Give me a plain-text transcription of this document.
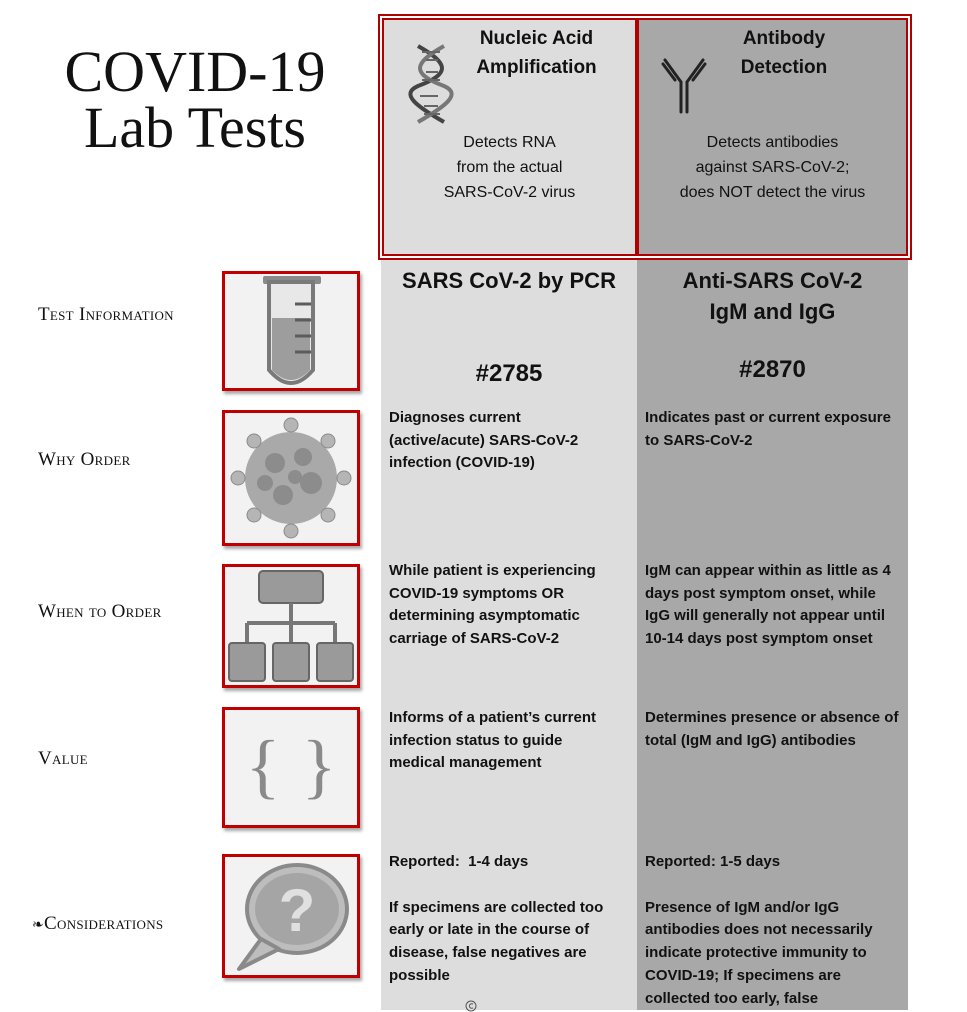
COVID-19
Lab Tests
Nucleic Acid
Amplification
Detects RNA
from the actual
SARS-CoV-2 virus
Antibody
Detection
Detects antibodies
against SARS-CoV-2;
does NOT detect the virus
Test Information
Why Order
When to Order
Value
❧Considerations
{ }
?
SARS CoV-2 by PCR
#2785
Anti-SARS CoV-2
IgM and IgG
#2870
Diagnoses current (active/acute) SARS-CoV-2 infection (COVID-19)
Indicates past or current exposure to SARS-CoV-2
While patient is experiencing COVID-19 symptoms OR determining asymptomatic carriage of SARS-CoV-2
IgM can appear within as little as 4 days post symptom onset, while IgG will generally not appear until 10-14 days post symptom onset
Informs of a patient’s current infection status to guide medical management
Determines presence or absence of total (IgM and IgG) antibodies
Reported:  1-4 days
If specimens are collected too early or late in the course of disease, false negatives are possible
Reported: 1-5 days
Presence of IgM and/or IgG antibodies does not necessarily indicate protective immunity to COVID-19; If specimens are collected too early, false
